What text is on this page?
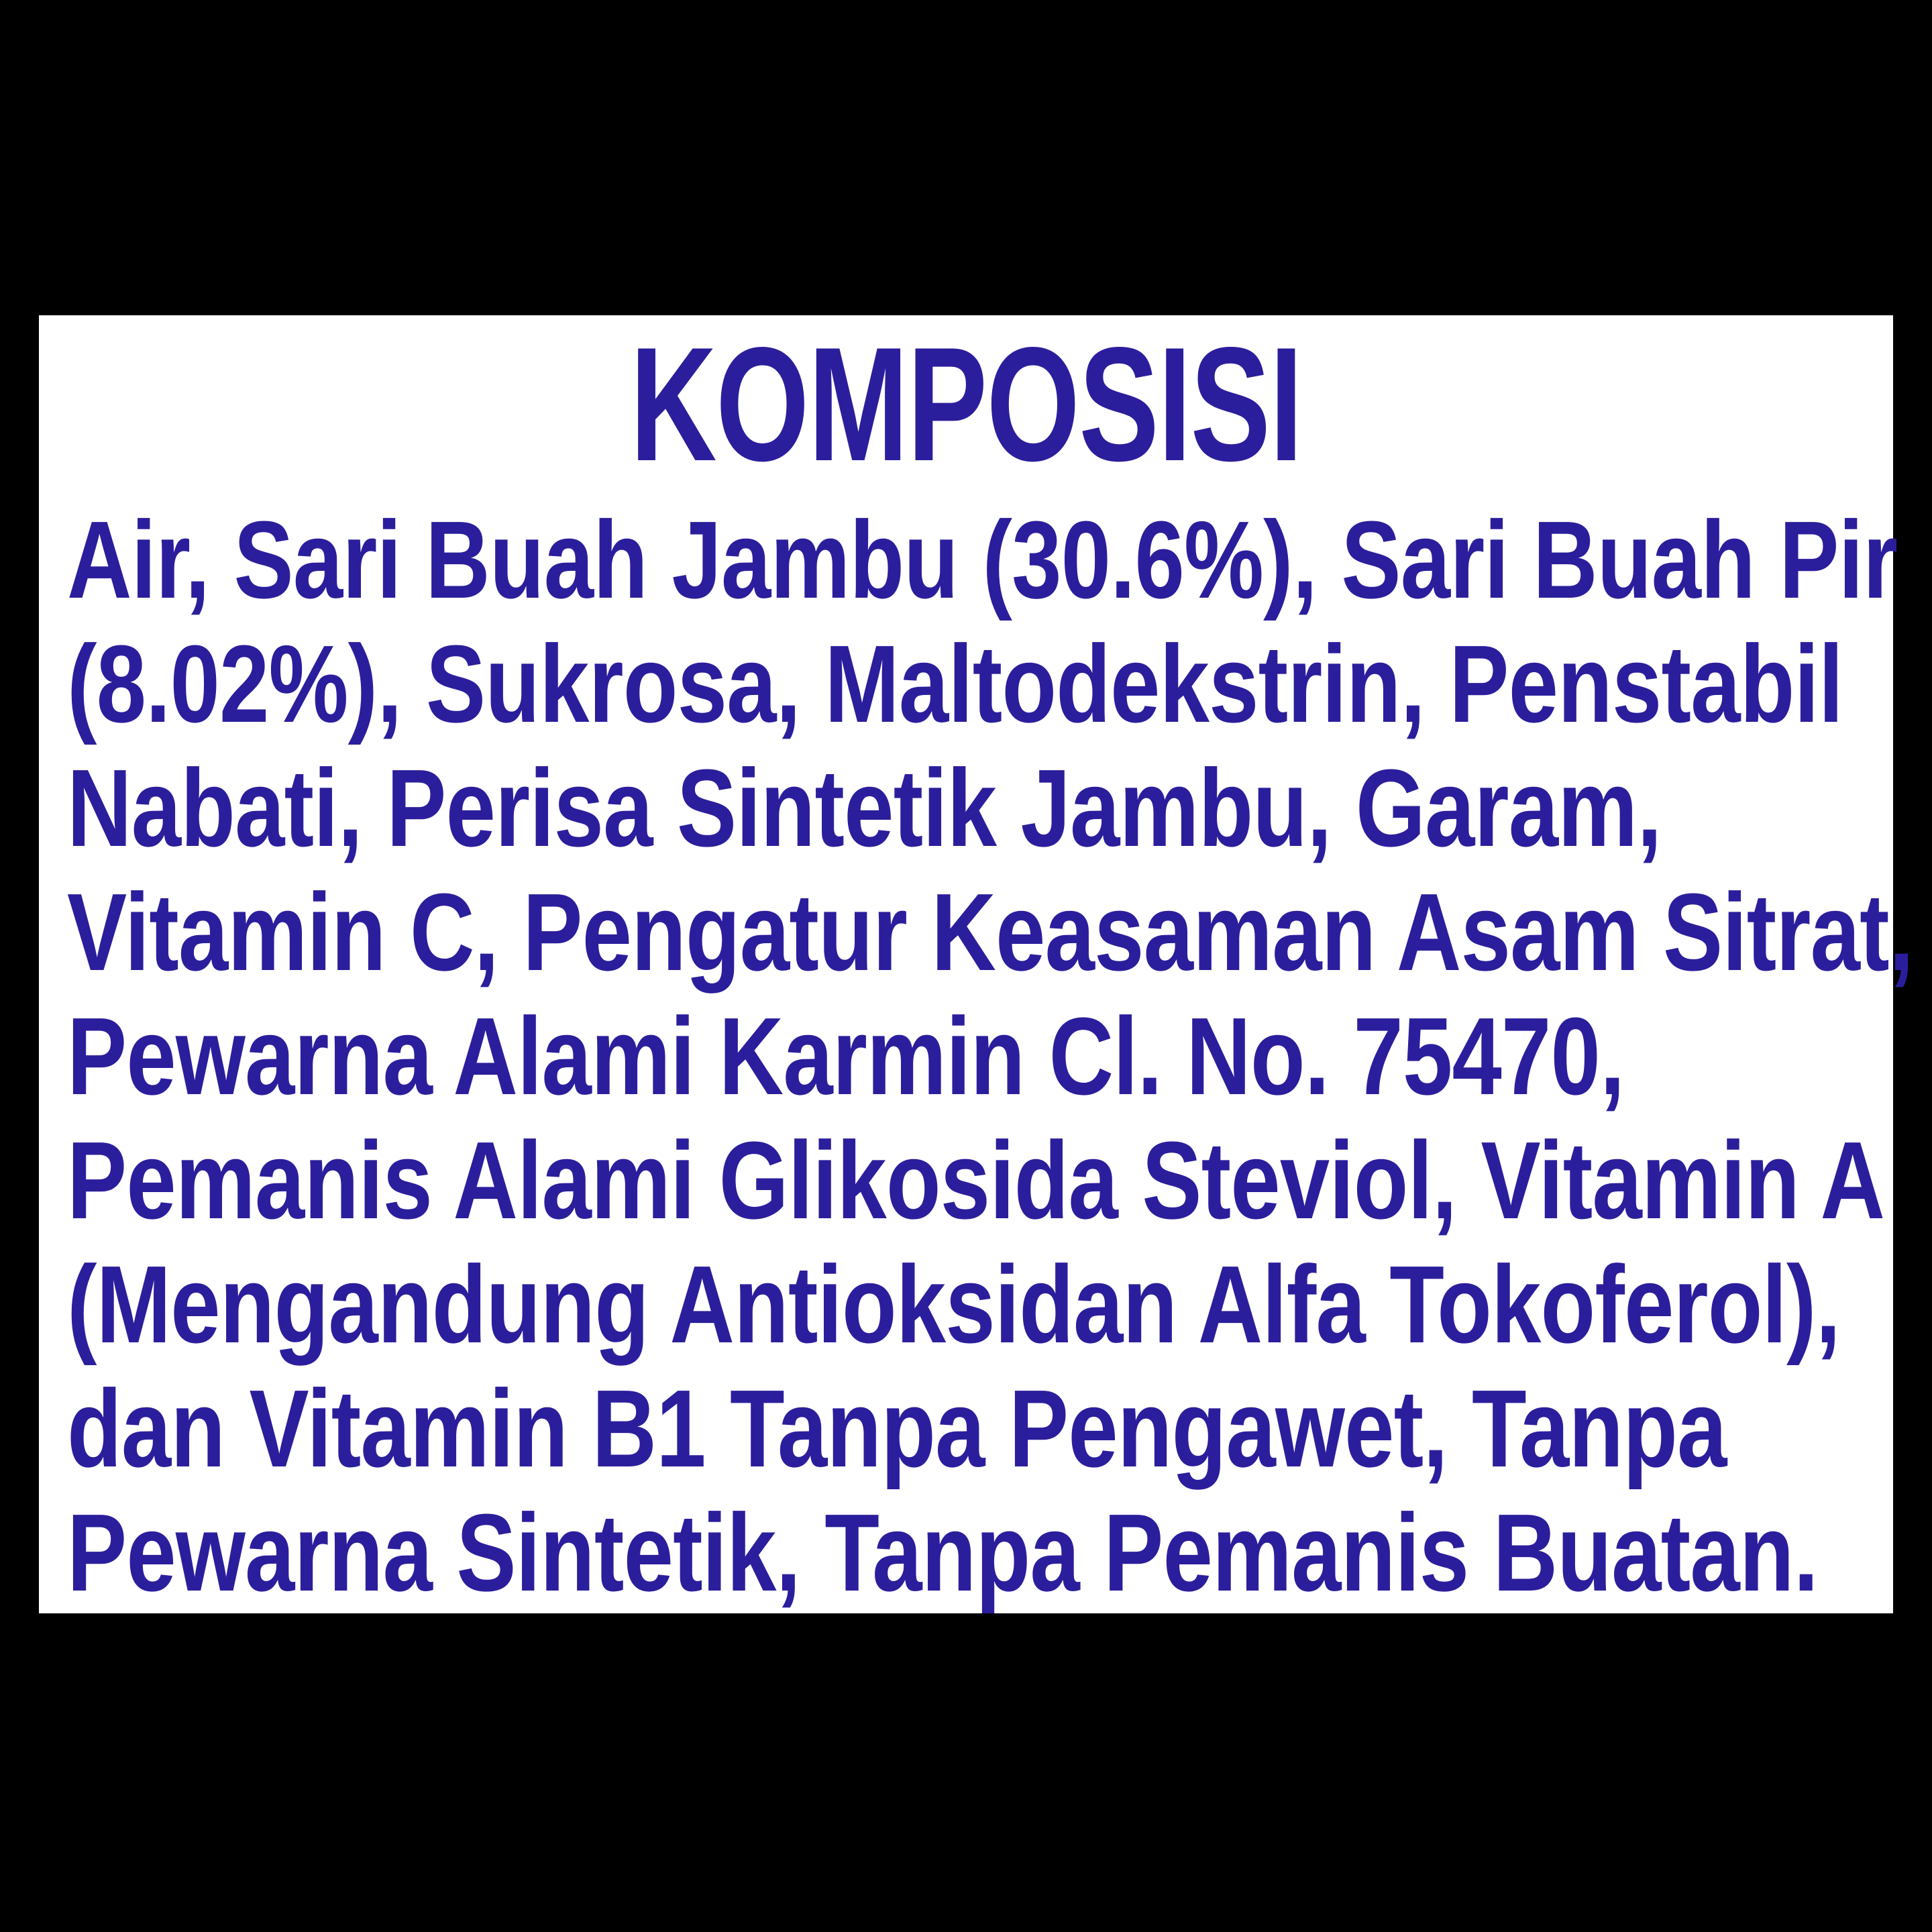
KOMPOSISI
Air, Sari Buah Jambu (30.6%), Sari Buah Pir
(8.02%), Sukrosa, Maltodekstrin, Penstabil
Nabati, Perisa Sintetik Jambu, Garam,
Vitamin C, Pengatur Keasaman Asam Sitrat,
Pewarna Alami Karmin Cl. No. 75470,
Pemanis Alami Glikosida Steviol, Vitamin A
(Mengandung Antioksidan Alfa Tokoferol),
dan Vitamin B1 Tanpa Pengawet, Tanpa
Pewarna Sintetik, Tanpa Pemanis Buatan.
